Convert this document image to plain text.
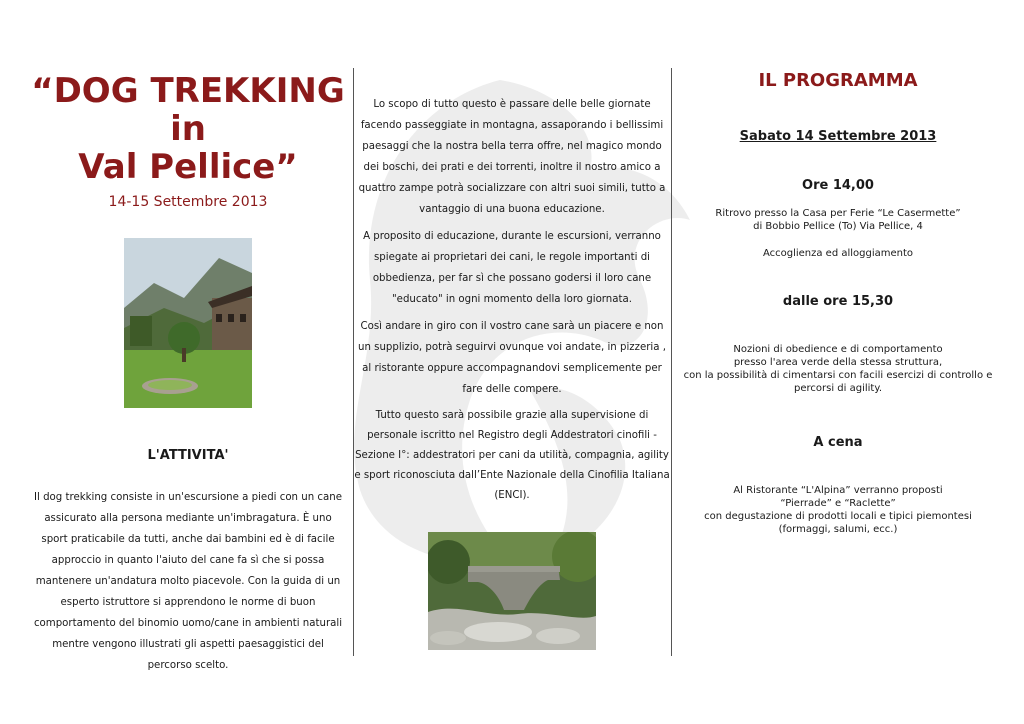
“DOG TREKKING in
Val Pellice”
14-15 Settembre 2013
L'ATTIVITA'

Il dog trekking consiste in un'escursione a piedi con un cane assicurato alla persona mediante un'imbragatura. È uno sport praticabile da tutti, anche dai bambini ed è di facile approccio in quanto l'aiuto del cane fa sì che si possa mantenere un'andatura molto piacevole. Con la guida di un esperto istruttore si apprendono le norme di buon comportamento del binomio uomo/cane in ambienti naturali mentre vengono illustrati gli aspetti paesaggistici del percorso scelto.

Lo scopo di tutto questo è passare delle belle giornate facendo passeggiate in montagna, assaporando i bellissimi paesaggi che la nostra bella terra offre, nel magico mondo dei boschi, dei prati e dei torrenti, inoltre il nostro amico a quattro zampe potrà socializzare con altri suoi simili, tutto a vantaggio di una buona educazione.

A proposito di educazione, durante le escursioni, verranno spiegate ai proprietari dei cani, le regole importanti di obbedienza, per far sì che possano godersi il loro cane "educato" in ogni momento della loro giornata.

Così andare in giro con il vostro cane sarà un piacere e non un supplizio, potrà seguirvi ovunque voi andate, in pizzeria , al ristorante oppure accompagnandovi semplicemente per fare delle compere.

Tutto questo sarà possibile grazie alla supervisione di personale iscritto nel Registro degli Addestratori cinofili - Sezione I°: addestratori per cani da utilità, compagnia, agility e sport riconosciuta dall’Ente Nazionale della Cinofilia Italiana (ENCI).

IL PROGRAMMA
Sabato 14 Settembre 2013
Ore 14,00
Ritrovo presso la Casa per Ferie “Le Casermette”
di Bobbio Pellice (To) Via Pellice, 4
Accoglienza ed alloggiamento
dalle ore 15,30
Nozioni di obedience e di comportamento
presso l'area verde della stessa struttura,
con la possibilità di cimentarsi con facili esercizi di controllo e
percorsi di agility.
A cena
Al Ristorante “L'Alpina” verranno proposti
“Pierrade” e “Raclette”
con degustazione di prodotti locali e tipici piemontesi
(formaggi, salumi, ecc.)
